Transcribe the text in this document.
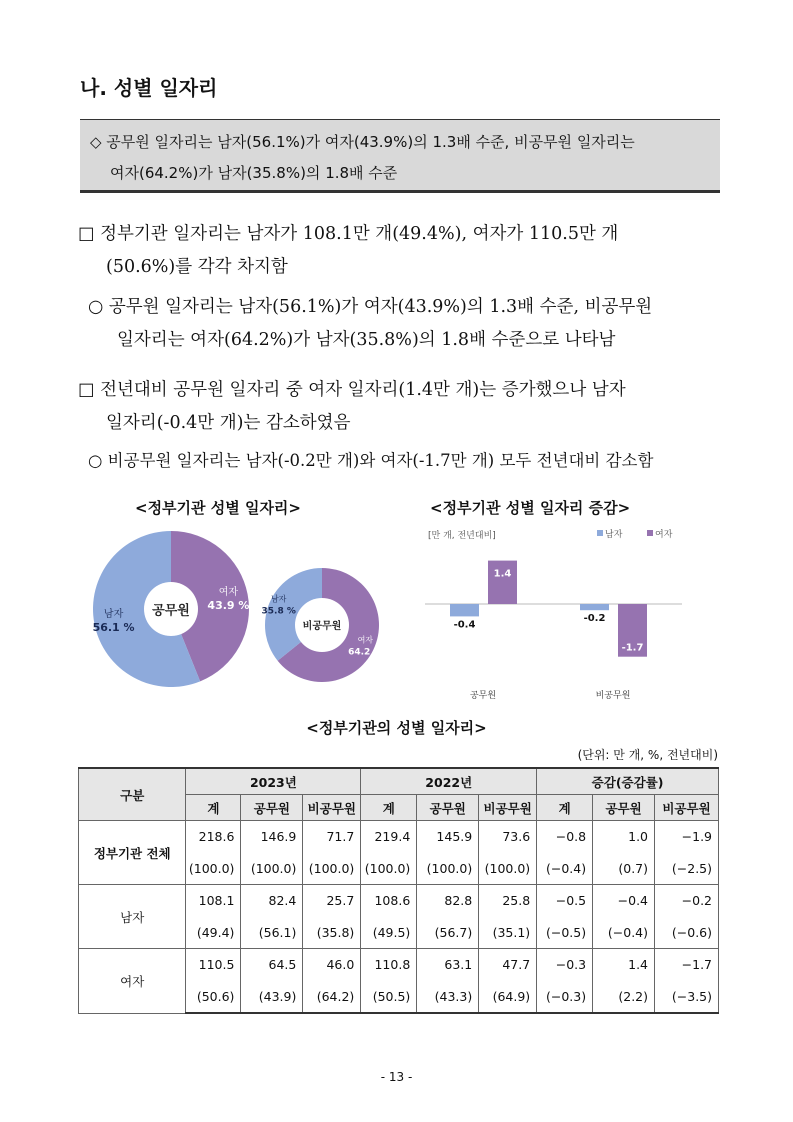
나. 성별 일자리
◇ 공무원 일자리는 남자(56.1%)가 여자(43.9%)의 1.3배 수준, 비공무원 일자리는
여자(64.2%)가 남자(35.8%)의 1.8배 수준
□ 정부기관 일자리는 남자가 108.1만 개(49.4%), 여자가 110.5만 개
(50.6%)를 각각 차지함
○ 공무원 일자리는 남자(56.1%)가 여자(43.9%)의 1.3배 수준, 비공무원
일자리는 여자(64.2%)가 남자(35.8%)의 1.8배 수준으로 나타남
□ 전년대비 공무원 일자리 중 여자 일자리(1.4만 개)는 증가했으나 남자
일자리(-0.4만 개)는 감소하였음
○ 비공무원 일자리는 남자(-0.2만 개)와 여자(-1.7만 개) 모두 전년대비 감소함
<정부기관 성별 일자리>	<정부기관 성별 일자리 증감>
공무원
여자
43.9 %
남자
56.1 %	비공무원
여자
64.2 %
남자
35.8 %
[만 개, 전년대비]	남자	여자
-0.4
1.4
공무원
-0.2
-1.7
비공무원
<정부기관의 성별 일자리>
(단위: 만 개, %, 전년대비)
구분	2023년			2022년			증감(증감률)		
	계	공무원	비공무원	계	공무원	비공무원	계	공무원	비공무원
정부기관 전체	218.6	146.9	71.7	219.4	145.9	73.6	−0.8	1.0	−1.9
	(100.0)	(100.0)	(100.0)	(100.0)	(100.0)	(100.0)	(−0.4)	(0.7)	(−2.5)
남자	108.1	82.4	25.7	108.6	82.8	25.8	−0.5	−0.4	−0.2
	(49.4)	(56.1)	(35.8)	(49.5)	(56.7)	(35.1)	(−0.5)	(−0.4)	(−0.6)
여자	110.5	64.5	46.0	110.8	63.1	47.7	−0.3	1.4	−1.7
	(50.6)	(43.9)	(64.2)	(50.5)	(43.3)	(64.9)	(−0.3)	(2.2)	(−3.5)
- 13 -
